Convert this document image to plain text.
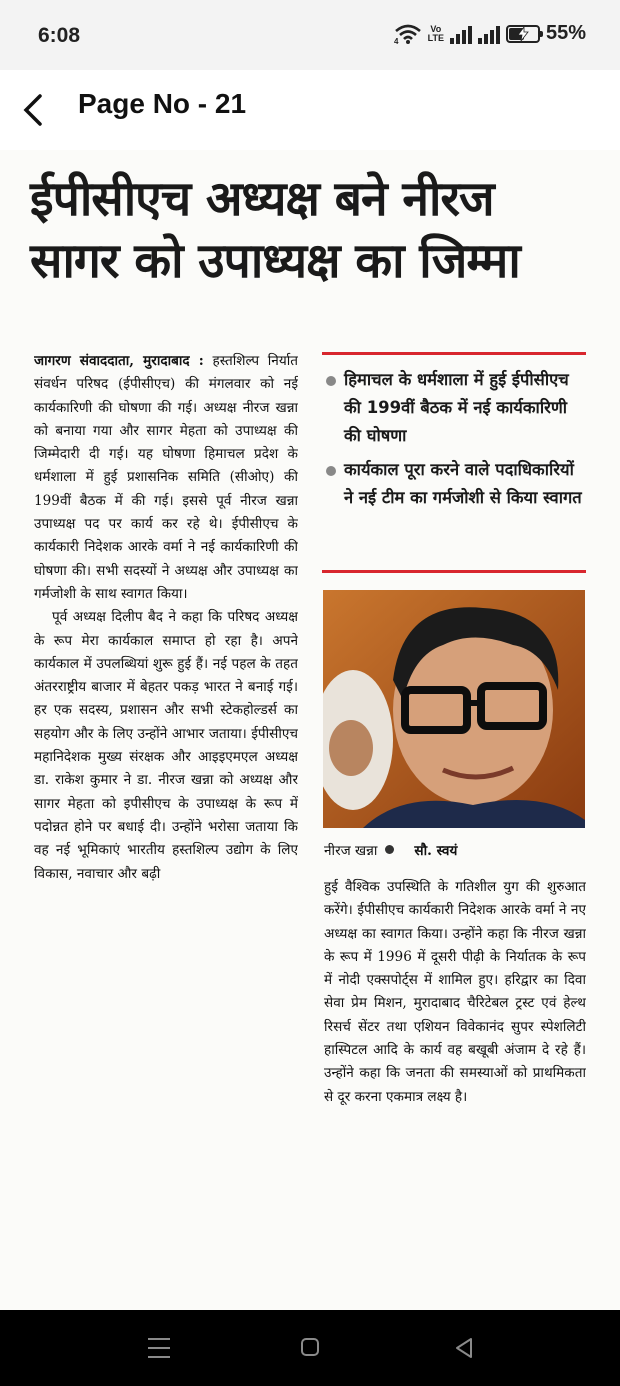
6:08	4
Vo
LTE	55%
Page No - 21
ईपीसीएच अध्यक्ष बने नीरज
सागर को उपाध्यक्ष का जिम्मा

जागरण संवाददाता, मुरादाबाद : हस्तशिल्प निर्यात संवर्धन परिषद (ईपीसीएच) की मंगलवार को नई कार्यकारिणी की घोषणा की गई। अध्यक्ष नीरज खन्ना को बनाया गया और सागर मेहता को उपाध्यक्ष की जिम्मेदारी दी गई। यह घोषणा हिमाचल प्रदेश के धर्मशाला में हुई प्रशासनिक समिति (सीओए) की 199वीं बैठक में की गई। इससे पूर्व नीरज खन्ना उपाध्यक्ष पद पर कार्य कर रहे थे। ईपीसीएच के कार्यकारी निदेशक आरके वर्मा ने नई कार्यकारिणी की घोषणा की। सभी सदस्यों ने अध्यक्ष और उपाध्यक्ष का गर्मजोशी के साथ स्वागत किया।

पूर्व अध्यक्ष दिलीप बैद ने कहा कि परिषद अध्यक्ष के रूप मेरा कार्यकाल समाप्त हो रहा है। अपने कार्यकाल में उपलब्धियां शुरू हुई हैं। नई पहल के तहत अंतरराष्ट्रीय बाजार में बेहतर पकड़ भारत ने बनाई गई। हर एक सदस्य, प्रशासन और सभी स्टेकहोल्डर्स का सहयोग और के लिए उन्होंने आभार जताया। ईपीसीएच महानिदेशक मुख्य संरक्षक और आइइएमएल अध्यक्ष डा. राकेश कुमार ने डा. नीरज खन्ना को अध्यक्ष और सागर मेहता को इपीसीएच के उपाध्यक्ष के रूप में पदोन्नत होने पर बधाई दी। उन्होंने भरोसा जताया कि वह नई भूमिकाएं भारतीय हस्तशिल्प उद्योग के लिए विकास, नवाचार और बढ़ी

हिमाचल के धर्मशाला में हुई ईपीसीएच की 199वीं बैठक में नई कार्यकारिणी की घोषणा
कार्यकाल पूरा करने वाले पदाधिकारियों ने नई टीम का गर्मजोशी से किया स्वागत
नीरज खन्ना	सौ. स्वयं

हुई वैश्विक उपस्थिति के गतिशील युग की शुरुआत करेंगे। ईपीसीएच कार्यकारी निदेशक आरके वर्मा ने नए अध्यक्ष का स्वागत किया। उन्होंने कहा कि नीरज खन्ना के रूप में 1996 में दूसरी पीढ़ी के निर्यातक के रूप में नोदी एक्सपोर्ट्स में शामिल हुए। हरिद्वार का दिवा सेवा प्रेम मिशन, मुरादाबाद चैरिटेबल ट्रस्ट एवं हेल्थ रिसर्च सेंटर तथा एशियन विवेकानंद सुपर स्पेशलिटी हास्पिटल आदि के कार्य वह बखूबी अंजाम दे रहे हैं। उन्होंने कहा कि जनता की समस्याओं को प्राथमिकता से दूर करना एकमात्र लक्ष्य है।
